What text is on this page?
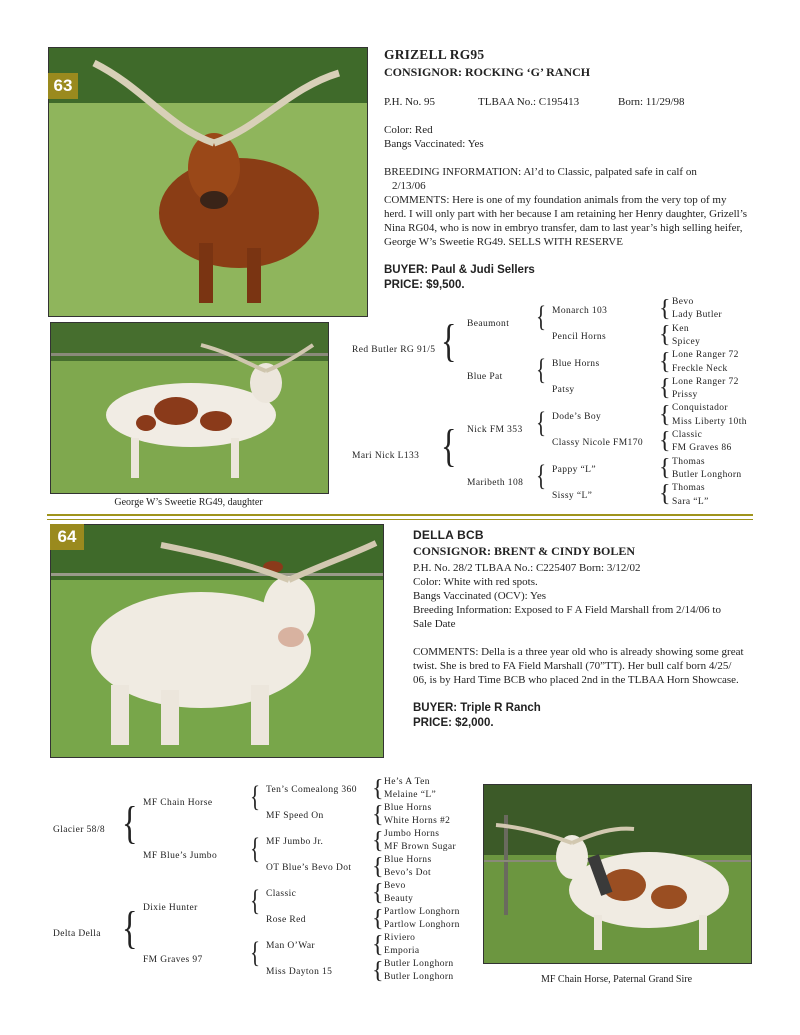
63
GRIZELL RG95
CONSIGNOR: ROCKING ‘G’ RANCH
P.H. No. 95	TLBAA No.: C195413	Born: 11/29/98
Color: Red
Bangs Vaccinated: Yes
BREEDING INFORMATION: Al’d to Classic, palpated safe in calf on
2/13/06
COMMENTS: Here is one of my foundation animals from the very top of my
herd. I will only part with her because I am retaining her Henry daughter, Grizell’s
Nina RG04, who is now in embryo transfer, dam to last year’s high selling heifer,
George W’s Sweetie RG49. SELLS WITH RESERVE
BUYER: Paul & Judi Sellers
PRICE: $9,500.
George W’s Sweetie RG49, daughter
Red Butler RG 91/5
Mari Nick L133
{
{
Beaumont
Blue Pat
Nick FM 353
Maribeth 108
{
{
{
{
Monarch 103
Pencil Horns
Blue Horns
Patsy
Dode’s Boy
Classy Nicole FM170
Pappy “L”
Sissy “L”
{
{
{
{
{
{
{
{
Bevo
Lady Butler
Ken
Spicey
Lone Ranger 72
Freckle Neck
Lone Ranger 72
Prissy
Conquistador
Miss Liberty 10th
Classic
FM Graves 86
Thomas
Butler Longhorn
Thomas
Sara “L”
64	DELLA BCB
CONSIGNOR: BRENT & CINDY BOLEN
P.H. No. 28/2 TLBAA No.: C225407 Born: 3/12/02
Color: White with red spots.
Bangs Vaccinated (OCV): Yes
Breeding Information: Exposed to F A Field Marshall from 2/14/06 to
Sale Date
COMMENTS: Della is a three year old who is already showing some great
twist. She is bred to FA Field Marshall (70”TT). Her bull calf born 4/25/
06, is by Hard Time BCB who placed 2nd in the TLBAA Horn Showcase.
BUYER: Triple R Ranch
PRICE: $2,000.
Glacier 58/8
Delta Della
{
{
MF Chain Horse
MF Blue’s Jumbo
Dixie Hunter
FM Graves 97
{
{
{
{
Ten’s Comealong 360
MF Speed On
MF Jumbo Jr.
OT Blue’s Bevo Dot
Classic
Rose Red
Man O’War
Miss Dayton 15
{
{
{
{
{
{
{
{
He’s A Ten
Melaine “L”
Blue Horns
White Horns #2
Jumbo Horns
MF Brown Sugar
Blue Horns
Bevo’s Dot
Bevo
Beauty
Partlow Longhorn
Partlow Longhorn
Riviero
Emporia
Butler Longhorn
Butler Longhorn	MF Chain Horse, Paternal Grand Sire
